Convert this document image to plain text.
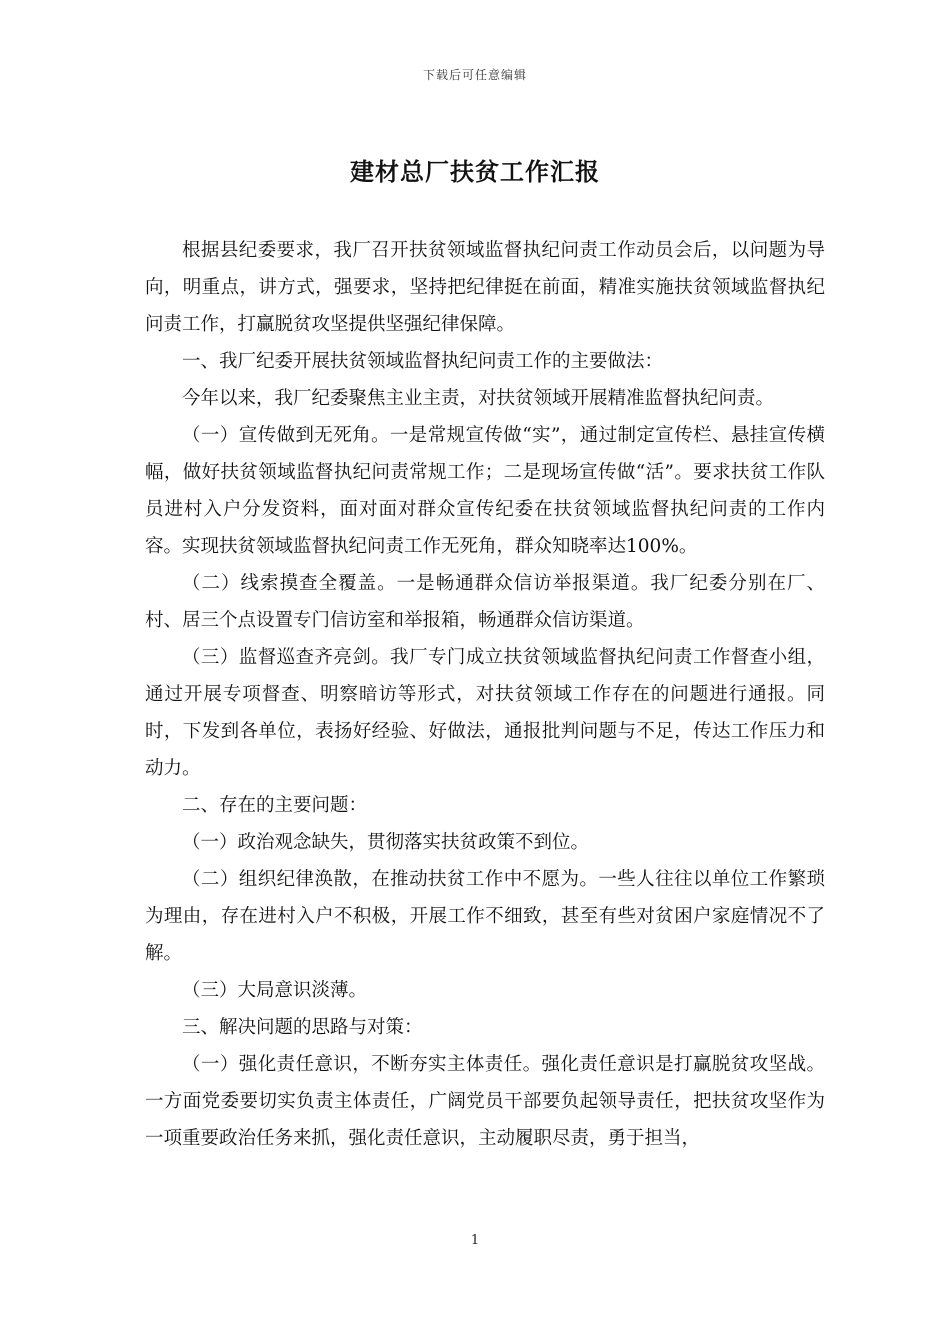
下载后可任意编辑
建材总厂扶贫工作汇报

根据县纪委要求，我厂召开扶贫领域监督执纪问责工作动员会后，以问题为导向，明重点，讲方式，强要求，坚持把纪律挺在前面，精准实施扶贫领域监督执纪问责工作，打赢脱贫攻坚提供坚强纪律保障。

一、我厂纪委开展扶贫领域监督执纪问责工作的主要做法：

今年以来，我厂纪委聚焦主业主责，对扶贫领域开展精准监督执纪问责。

（一）宣传做到无死角。一是常规宣传做“实”，通过制定宣传栏、悬挂宣传横幅，做好扶贫领域监督执纪问责常规工作；二是现场宣传做“活”。要求扶贫工作队员进村入户分发资料，面对面对群众宣传纪委在扶贫领域监督执纪问责的工作内容。实现扶贫领域监督执纪问责工作无死角，群众知晓率达100%。

（二）线索摸查全覆盖。一是畅通群众信访举报渠道。我厂纪委分别在厂、村、居三个点设置专门信访室和举报箱，畅通群众信访渠道。

（三）监督巡查齐亮剑。我厂专门成立扶贫领域监督执纪问责工作督查小组，通过开展专项督查、明察暗访等形式，对扶贫领域工作存在的问题进行通报。同时，下发到各单位，表扬好经验、好做法，通报批判问题与不足，传达工作压力和动力。

二、存在的主要问题：

（一）政治观念缺失，贯彻落实扶贫政策不到位。

（二）组织纪律涣散，在推动扶贫工作中不愿为。一些人往往以单位工作繁琐为理由，存在进村入户不积极，开展工作不细致，甚至有些对贫困户家庭情况不了解。

（三）大局意识淡薄。

三、解决问题的思路与对策：

（一）强化责任意识，不断夯实主体责任。强化责任意识是打赢脱贫攻坚战。一方面党委要切实负责主体责任，广阔党员干部要负起领导责任，把扶贫攻坚作为一项重要政治任务来抓，强化责任意识，主动履职尽责，勇于担当，

1
